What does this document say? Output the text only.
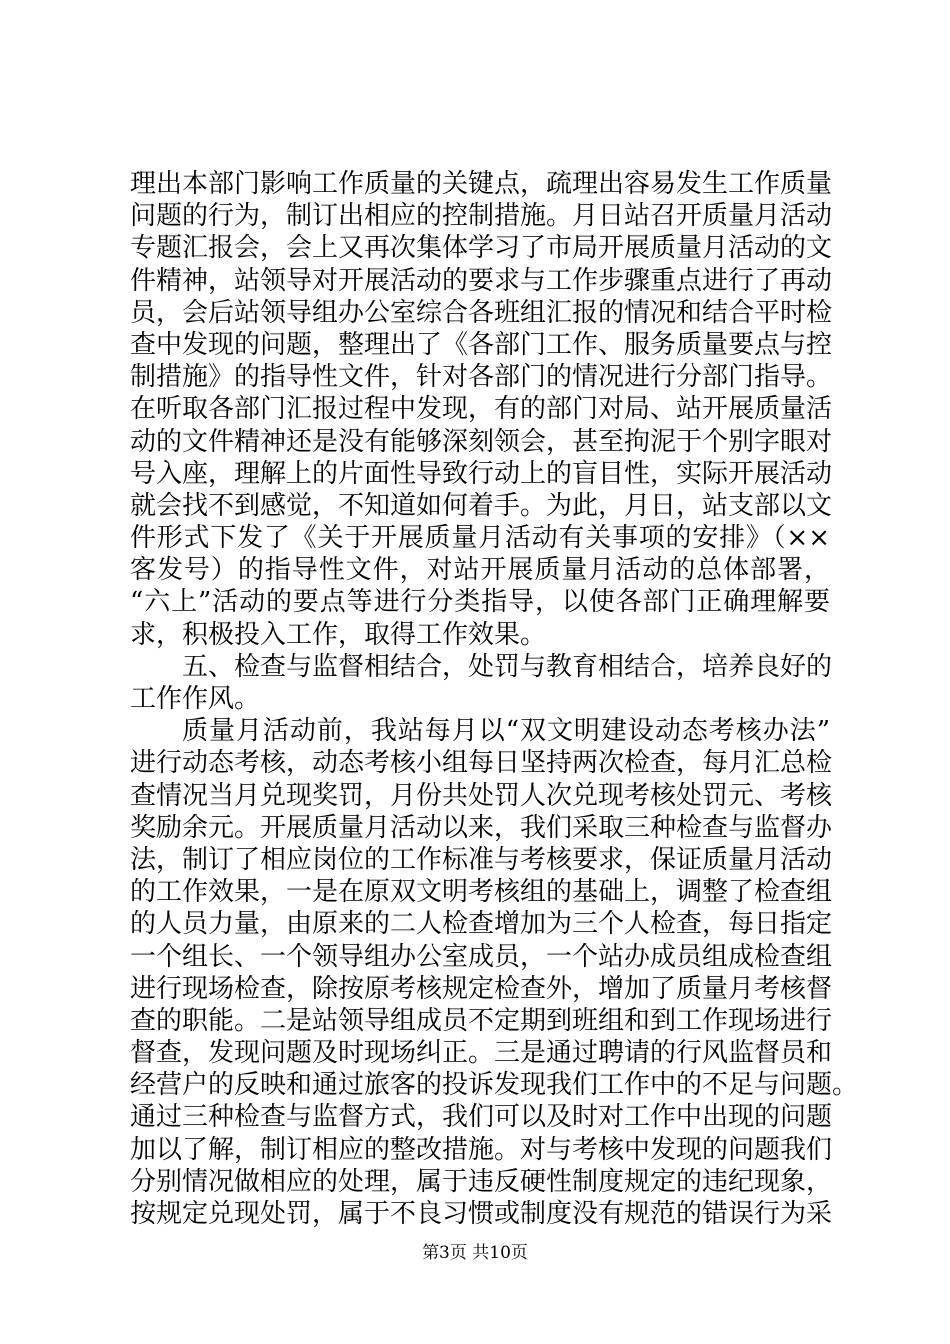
理出本部门影响工作质量的关键点，疏理出容易发生工作质量
问题的行为，制订出相应的控制措施。月日站召开质量月活动
专题汇报会，会上又再次集体学习了市局开展质量月活动的文
件精神，站领导对开展活动的要求与工作步骤重点进行了再动
员，会后站领导组办公室综合各班组汇报的情况和结合平时检
查中发现的问题，整理出了《各部门工作、服务质量要点与控
制措施》的指导性文件，针对各部门的情况进行分部门指导。
在听取各部门汇报过程中发现，有的部门对局、站开展质量活
动的文件精神还是没有能够深刻领会，甚至拘泥于个别字眼对
号入座，理解上的片面性导致行动上的盲目性，实际开展活动
就会找不到感觉，不知道如何着手。为此，月日，站支部以文
件形式下发了《关于开展质量月活动有关事项的安排》（××
客发号）的指导性文件，对站开展质量月活动的总体部署，
“六上”活动的要点等进行分类指导，以使各部门正确理解要
求，积极投入工作，取得工作效果。
五、检查与监督相结合，处罚与教育相结合，培养良好的
工作作风。
质量月活动前，我站每月以“双文明建设动态考核办法”
进行动态考核，动态考核小组每日坚持两次检查，每月汇总检
查情况当月兑现奖罚，月份共处罚人次兑现考核处罚元、考核
奖励余元。开展质量月活动以来，我们采取三种检查与监督办
法，制订了相应岗位的工作标准与考核要求，保证质量月活动
的工作效果，一是在原双文明考核组的基础上，调整了检查组
的人员力量，由原来的二人检查增加为三个人检查，每日指定
一个组长、一个领导组办公室成员，一个站办成员组成检查组
进行现场检查，除按原考核规定检查外，增加了质量月考核督
查的职能。二是站领导组成员不定期到班组和到工作现场进行
督查，发现问题及时现场纠正。三是通过聘请的行风监督员和
经营户的反映和通过旅客的投诉发现我们工作中的不足与问题。
通过三种检查与监督方式，我们可以及时对工作中出现的问题
加以了解，制订相应的整改措施。对与考核中发现的问题我们
分别情况做相应的处理，属于违反硬性制度规定的违纪现象，
按规定兑现处罚，属于不良习惯或制度没有规范的错误行为采
第3页 共10页
